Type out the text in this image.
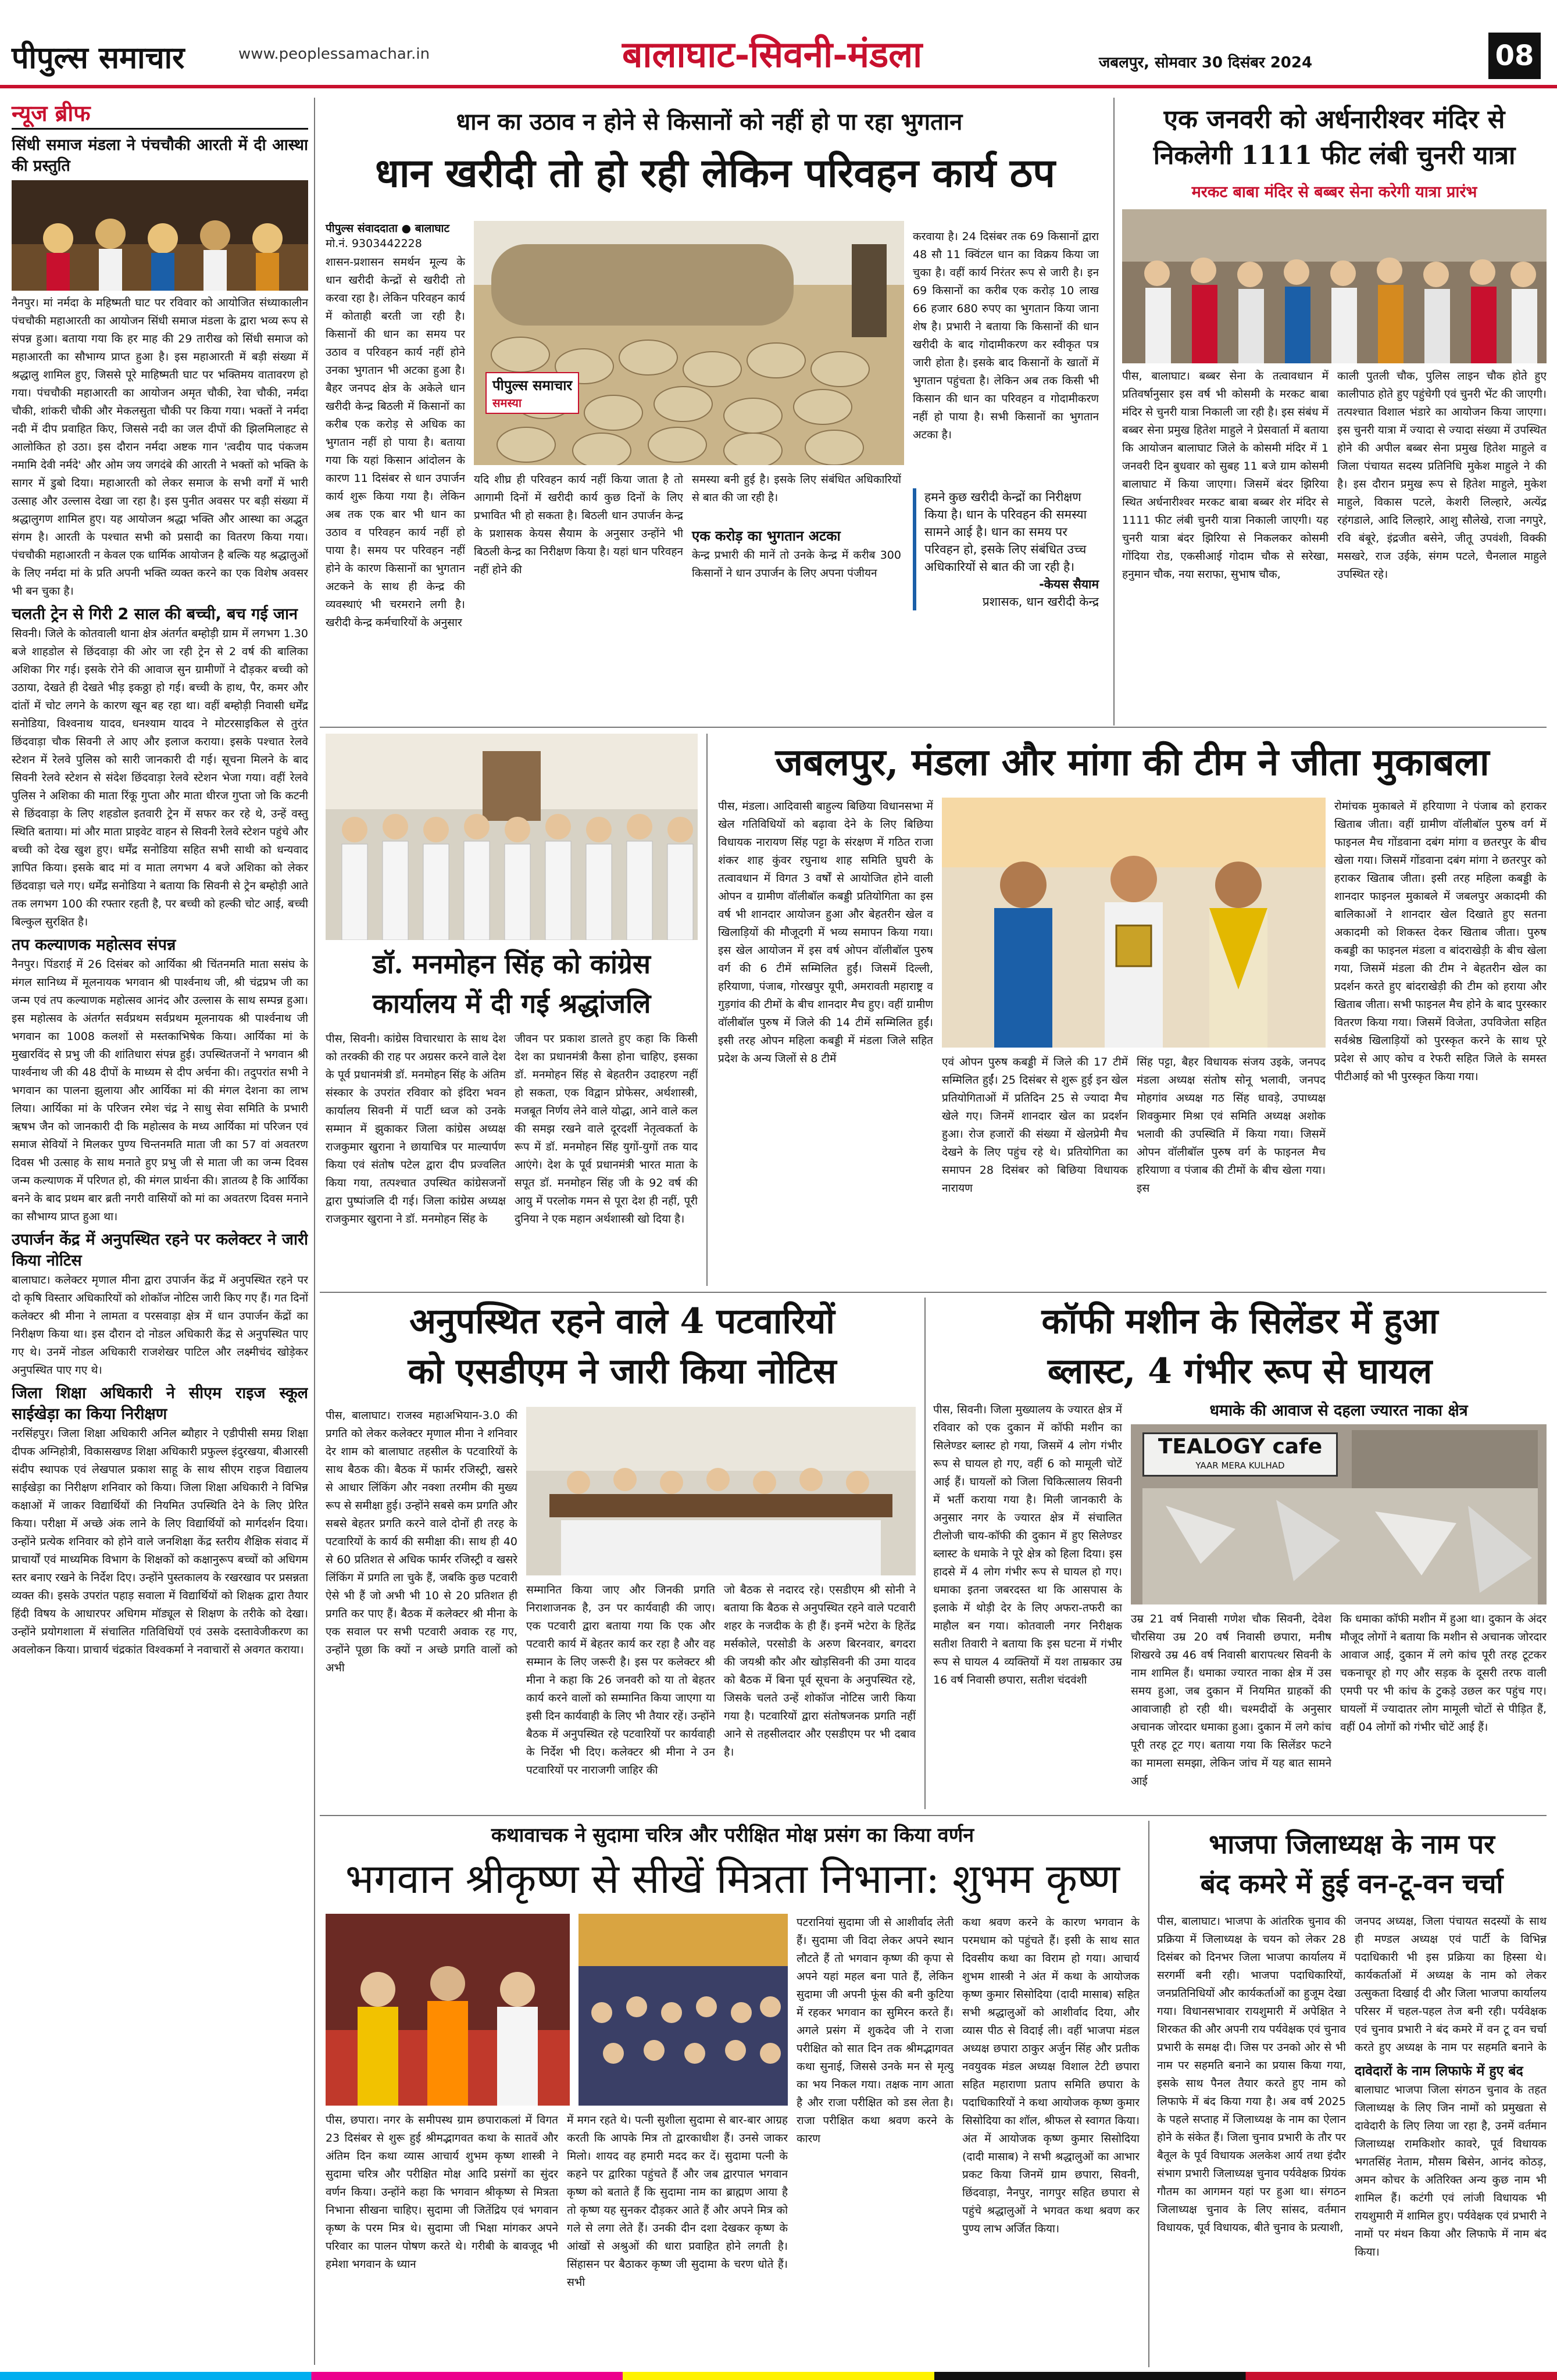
पीपुल्स समाचार	www.peoplessamachar.in	बालाघाट-सिवनी-मंडला	जबलपुर, सोमवार 30 दिसंबर 2024	08
न्यूज ब्रीफ
सिंधी समाज मंडला ने पंचचौकी आरती में दी आस्था की प्रस्तुति

नैनपुर। मां नर्मदा के महिष्मती घाट पर रविवार को आयोजित संध्याकालीन पंचचौकी महाआरती का आयोजन सिंधी समाज मंडला के द्वारा भव्य रूप से संपन्न हुआ। बताया गया कि हर माह की 29 तारीख को सिंधी समाज को महाआरती का सौभाग्य प्राप्त हुआ है। इस महाआरती में बड़ी संख्या में श्रद्धालु शामिल हुए, जिससे पूरे माहिष्मती घाट पर भक्तिमय वातावरण हो गया। पंचचौकी महाआरती का आयोजन अमृत चौकी, रेवा चौकी, नर्मदा चौकी, शांकरी चौकी और मेकलसुता चौकी पर किया गया। भक्तों ने नर्मदा नदी में दीप प्रवाहित किए, जिससे नदी का जल दीपों की झिलमिलाहट से आलोकित हो उठा। इस दौरान नर्मदा अष्टक गान 'त्वदीय पाद पंकजम नमामि देवी नर्मदे' और ओम जय जगदंबे की आरती ने भक्तों को भक्ति के सागर में डुबो दिया। महाआरती को लेकर समाज के सभी वर्गों में भारी उत्साह और उल्लास देखा जा रहा है। इस पुनीत अवसर पर बड़ी संख्या में श्रद्धालुगण शामिल हुए। यह आयोजन श्रद्धा भक्ति और आस्था का अद्भुत संगम है। आरती के पश्चात सभी को प्रसादी का वितरण किया गया। पंचचौकी महाआरती न केवल एक धार्मिक आयोजन है बल्कि यह श्रद्धालुओं के लिए नर्मदा मां के प्रति अपनी भक्ति व्यक्त करने का एक विशेष अवसर भी बन चुका है।

चलती ट्रेन से गिरी 2 साल की बच्ची, बच गई जान

सिवनी। जिले के कोतवाली थाना क्षेत्र अंतर्गत बम्होड़ी ग्राम में लगभग 1.30 बजे शाहडोल से छिंदवाड़ा की ओर जा रही ट्रेन से 2 वर्ष की बालिका अशिका गिर गई। इसके रोने की आवाज सुन ग्रामीणों ने दौड़कर बच्ची को उठाया, देखते ही देखते भीड़ इकठ्ठा हो गई। बच्ची के हाथ, पैर, कमर और दांतों में चोट लगने के कारण खून बह रहा था। वहीं बम्होड़ी निवासी धर्मेंद्र सनोडिया, विश्वनाथ यादव, धनश्याम यादव ने मोटरसाइकिल से तुरंत छिंदवाड़ा चौक सिवनी ले आए और इलाज कराया। इसके पश्चात रेलवे स्टेशन में रेलवे पुलिस को सारी जानकारी दी गई। सूचना मिलने के बाद सिवनी रेलवे स्टेशन से संदेश छिंदवाड़ा रेलवे स्टेशन भेजा गया। वहीं रेलवे पुलिस ने अशिका की माता रिंकू गुप्ता और माता धीरज गुप्ता जो कि कटनी से छिंदवाड़ा के लिए शहडोल इतवारी ट्रेन में सफर कर रहे थे, उन्हें वस्तु स्थिति बताया। मां और माता प्राइवेट वाहन से सिवनी रेलवे स्टेशन पहुंचे और बच्ची को देख खुश हुए। धर्मेंद्र सनोडिया सहित सभी साथी को धन्यवाद ज्ञापित किया। इसके बाद मां व माता लगभग 4 बजे अशिका को लेकर छिंदवाड़ा चले गए। धर्मेंद्र सनोडिया ने बताया कि सिवनी से ट्रेन बम्होड़ी आते तक लगभग 100 की रफ्तार रहती है, पर बच्ची को हल्की चोट आई, बच्ची बिल्कुल सुरक्षित है।

तप कल्याणक महोत्सव संपन्न

नैनपुर। पिंडराई में 26 दिसंबर को आर्यिका श्री चिंतनमति माता ससंघ के मंगल सानिध्य में मूलनायक भगवान श्री पार्श्वनाथ जी, श्री चंद्रप्रभ जी का जन्म एवं तप कल्याणक महोत्सव आनंद और उल्लास के साथ सम्पन्न हुआ। इस महोत्सव के अंतर्गत सर्वप्रथम सर्वप्रथम मूलनायक श्री पार्श्वनाथ जी भगवान का 1008 कलशों से मस्तकाभिषेक किया। आर्यिका मां के मुखारविंद से प्रभु जी की शांतिधारा संपन्न हुई। उपस्थितजनों ने भगवान श्री पार्श्वनाथ जी की 48 दीपों के माध्यम से दीप अर्चना की। तदुपरांत सभी ने भगवान का पालना झुलाया और आर्यिका मां की मंगल देशना का लाभ लिया। आर्यिका मां के परिजन रमेश चंद्र ने साधु सेवा समिति के प्रभारी ऋषभ जैन को जानकारी दी कि महोत्सव के मध्य आर्यिका मां परिजन एवं समाज सेवियों ने मिलकर पुण्य चिन्तनमति माता जी का 57 वां अवतरण दिवस भी उत्साह के साथ मनाते हुए प्रभु जी से माता जी का जन्म दिवस जन्म कल्याणक में परिणत हो, की मंगल प्रार्थना की। ज्ञातव्य है कि आर्यिका बनने के बाद प्रथम बार ब्रती नगरी वासियों को मां का अवतरण दिवस मनाने का सौभाग्य प्राप्त हुआ था।

उपार्जन केंद्र में अनुपस्थित रहने पर कलेक्टर ने जारी किया नोटिस

बालाघाट। कलेक्टर मृणाल मीना द्वारा उपार्जन केंद्र में अनुपस्थित रहने पर दो कृषि विस्तार अधिकारियों को शोकॉज नोटिस जारी किए गए हैं। गत दिनों कलेक्टर श्री मीना ने लामता व परसवाड़ा क्षेत्र में धान उपार्जन केंद्रों का निरीक्षण किया था। इस दौरान दो नोडल अधिकारी केंद्र से अनुपस्थित पाए गए थे। उनमें नोडल अधिकारी राजशेखर पाटिल और लक्ष्मीचंद खोड़ेकर अनुपस्थित पाए गए थे।

जिला शिक्षा अधिकारी ने सीएम राइज स्कूल साईखेड़ा का किया निरीक्षण

नरसिंहपुर। जिला शिक्षा अधिकारी अनिल ब्यौहार ने एडीपीसी समग्र शिक्षा दीपक अग्निहोत्री, विकासखण्ड शिक्षा अधिकारी प्रफुल्ल इंदुरखया, बीआरसी संदीप स्थापक एवं लेखपाल प्रकाश साहू के साथ सीएम राइज विद्यालय साईखेड़ा का निरीक्षण शनिवार को किया। जिला शिक्षा अधिकारी ने विभिन्न कक्षाओं में जाकर विद्यार्थियों की नियमित उपस्थिति देने के लिए प्रेरित किया। परीक्षा में अच्छे अंक लाने के लिए विद्यार्थियों को मार्गदर्शन दिया। उन्होंने प्रत्येक शनिवार को होने वाले जनशिक्षा केंद्र स्तरीय शैक्षिक संवाद में प्राचार्यों एवं माध्यमिक विभाग के शिक्षकों को कक्षानुरूप बच्चों को अधिगम स्तर बनाए रखने के निर्देश दिए। उन्होंने पुस्तकालय के रखरखाव पर प्रसन्नता व्यक्त की। इसके उपरांत पहाड़ सवाला में विद्यार्थियों को शिक्षक द्वारा तैयार हिंदी विषय के आधारपर अधिगम मॉड्यूल से शिक्षण के तरीके को देखा। उन्होंने प्रयोगशाला में संचालित गतिविधियों एवं उसके दस्तावेजीकरण का अवलोकन किया। प्राचार्य चंद्रकांत विश्वकर्मा ने नवाचारों से अवगत कराया।

धान का उठाव न होने से किसानों को नहीं हो पा रहा भुगतान
धान खरीदी तो हो रही लेकिन परिवहन कार्य ठप
पीपुल्स संवाददाता ● बालाघाट
मो.नं. 9303442228
पीपुल्स समाचार
समस्या
शासन-प्रशासन समर्थन मूल्य के धान खरीदी केन्द्रों से खरीदी तो करवा रहा है। लेकिन परिवहन कार्य में कोताही बरती जा रही है। किसानों की धान का समय पर उठाव व परिवहन कार्य नहीं होने उनका भुगतान भी अटका हुआ है। बैहर जनपद क्षेत्र के अकेले धान खरीदी केन्द्र बिठली में किसानों का करीब एक करोड़ से अधिक का भुगतान नहीं हो पाया है। बताया गया कि यहां किसान आंदोलन के कारण 11 दिसंबर से धान उपार्जन कार्य शुरू किया गया है। लेकिन अब तक एक बार भी धान का उठाव व परिवहन कार्य नहीं हो पाया है। समय पर परिवहन नहीं होने के कारण किसानों का भुगतान अटकने के साथ ही केन्द्र की व्यवस्थाएं भी चरमराने लगी है। खरीदी केन्द्र कर्मचारियों के अनुसार
यदि शीघ्र ही परिवहन कार्य नहीं किया जाता है तो आगामी दिनों में खरीदी कार्य कुछ दिनों के लिए प्रभावित भी हो सकता है। बिठली धान उपार्जन केन्द्र के प्रशासक केयस सैयाम के अनुसार उन्होंने भी बिठली केन्द्र का निरीक्षण किया है। यहां धान परिवहन नहीं होने की
समस्या बनी हुई है। इसके लिए संबंधित अधिकारियों से बात की जा रही है।
एक करोड़ का भुगतान अटका
केन्द्र प्रभारी की मानें तो उनके केन्द्र में करीब 300 किसानों ने धान उपार्जन के लिए अपना पंजीयन
करवाया है। 24 दिसंबर तक 69 किसानों द्वारा 48 सौ 11 क्विंटल धान का विक्रय किया जा चुका है। वहीं कार्य निरंतर रूप से जारी है। इन 69 किसानों का करीब एक करोड़ 10 लाख 66 हजार 680 रुपए का भुगतान किया जाना शेष है। प्रभारी ने बताया कि किसानों की धान खरीदी के बाद गोदामीकरण कर स्वीकृत पत्र जारी होता है। इसके बाद किसानों के खातों में भुगतान पहुंचता है। लेकिन अब तक किसी भी किसान की धान का परिवहन व गोदामीकरण नहीं हो पाया है। सभी किसानों का भुगतान अटका है।
हमने कुछ खरीदी केन्द्रों का निरीक्षण किया है। धान के परिवहन की समस्या सामने आई है। धान का समय पर परिवहन हो, इसके लिए संबंधित उच्च अधिकारियों से बात की जा रही है।
-केयस सैयाम
प्रशासक, धान खरीदी केन्द्र
एक जनवरी को अर्धनारीश्वर मंदिर से
निकलेगी 1111 फीट लंबी चुनरी यात्रा
मरकट बाबा मंदिर से बब्बर सेना करेगी यात्रा प्रारंभ
पीस, बालाघाट। बब्बर सेना के तत्वावधान में प्रतिवर्षानुसार इस वर्ष भी कोसमी के मरकट बाबा मंदिर से चुनरी यात्रा निकाली जा रही है। इस संबंध में बब्बर सेना प्रमुख हितेश माहुले ने प्रेसवार्ता में बताया कि आयोजन बालाघाट जिले के कोसमी मंदिर में 1 जनवरी दिन बुधवार को सुबह 11 बजे ग्राम कोसमी बालाघाट में किया जाएगा। जिसमें बंदर झिरिया स्थित अर्धनारीश्वर मरकट बाबा बब्बर शेर मंदिर से 1111 फीट लंबी चुनरी यात्रा निकाली जाएगी। यह चुनरी यात्रा बंदर झिरिया से निकलकर कोसमी गोंदिया रोड, एकसीआई गोदाम चौक से सरेखा, हनुमान चौक, नया सराफा, सुभाष चौक,
काली पुतली चौक, पुलिस लाइन चौक होते हुए कालीपाठ होते हुए पहुंचेगी एवं चुनरी भेंट की जाएगी। तत्पश्चात विशाल भंडारे का आयोजन किया जाएगा। इस चुनरी यात्रा में ज्यादा से ज्यादा संख्या में उपस्थित होने की अपील बब्बर सेना प्रमुख हितेश माहुले व जिला पंचायत सदस्य प्रतिनिधि मुकेश माहुले ने की है। इस दौरान प्रमुख रूप से हितेश माहुले, मुकेश माहुले, विकास पटले, केशरी लिल्हारे, अत्येंद्र रहंगडाले, आदि लिल्हारे, आशु सौलेखे, राजा नगपुरे, रवि बंबूरे, इंद्रजीत बसेने, जीतू उपवंशी, विक्की मसखरे, राज उईके, संगम पटले, चैनलाल माहुले उपस्थित रहे।
डॉ. मनमोहन सिंह को कांग्रेस
कार्यालय में दी गई श्रद्धांजलि
पीस, सिवनी। कांग्रेस विचारधारा के साथ देश को तरक्की की राह पर अग्रसर करने वाले देश के पूर्व प्रधानमंत्री डॉ. मनमोहन सिंह के अंतिम संस्कार के उपरांत रविवार को इंदिरा भवन कार्यालय सिवनी में पार्टी ध्वज को उनके सम्मान में झुकाकर जिला कांग्रेस अध्यक्ष राजकुमार खुराना ने छायाचित्र पर माल्यार्पण किया एवं संतोष पटेल द्वारा दीप प्रज्वलित किया गया, तत्पश्चात उपस्थित कांग्रेसजनों द्वारा पुष्पांजलि दी गई। जिला कांग्रेस अध्यक्ष राजकुमार खुराना ने डॉ. मनमोहन सिंह के
जीवन पर प्रकाश डालते हुए कहा कि किसी देश का प्रधानमंत्री कैसा होना चाहिए, इसका डॉ. मनमोहन सिंह से बेहतरीन उदाहरण नहीं हो सकता, एक विद्वान प्रोफेसर, अर्थशास्त्री, मजबूत निर्णय लेने वाले योद्धा, आने वाले कल की समझ रखने वाले दूरदर्शी नेतृत्वकर्ता के रूप में डॉ. मनमोहन सिंह युगों-युगों तक याद आएंगे। देश के पूर्व प्रधानमंत्री भारत माता के सपूत डॉ. मनमोहन सिंह जी के 92 वर्ष की आयु में परलोक गमन से पूरा देश ही नहीं, पूरी दुनिया ने एक महान अर्थशास्त्री खो दिया है।
जबलपुर, मंडला और मांगा की टीम ने जीता मुकाबला
पीस, मंडला। आदिवासी बाहुल्य बिछिया विधानसभा में खेल गतिविधियों को बढ़ावा देने के लिए बिछिया विधायक नारायण सिंह पट्टा के संरक्षण में गठित राजा शंकर शाह कुंवर रघुनाथ शाह समिति घुघरी के तत्वावधान में विगत 3 वर्षों से आयोजित होने वाली ओपन व ग्रामीण वॉलीबॉल कबड्डी प्रतियोगिता का इस वर्ष भी शानदार आयोजन हुआ और बेहतरीन खेल व खिलाड़ियों की मौजूदगी में भव्य समापन किया गया। इस खेल आयोजन में इस वर्ष ओपन वॉलीबॉल पुरुष वर्ग की 6 टीमें सम्मिलित हुईं। जिसमें दिल्ली, हरियाणा, पंजाब, गोरखपुर यूपी, अमरावती महाराष्ट्र व गुड़गांव की टीमों के बीच शानदार मैच हुए। वहीं ग्रामीण वॉलीबॉल पुरुष में जिले की 14 टीमें सम्मिलित हुईं। इसी तरह ओपन महिला कबड्डी में मंडला जिले सहित प्रदेश के अन्य जिलों से 8 टीमें	एवं ओपन पुरुष कबड्डी में जिले की 17 टीमें सम्मिलित हुईं। 25 दिसंबर से शुरू हुई इन खेल प्रतियोगिताओं में प्रतिदिन 25 से ज्यादा मैच खेले गए। जिनमें शानदार खेल का प्रदर्शन हुआ। रोज हजारों की संख्या में खेलप्रेमी मैच देखने के लिए पहुंच रहे थे। प्रतियोगिता का समापन 28 दिसंबर को बिछिया विधायक नारायण
सिंह पट्टा, बैहर विधायक संजय उइके, जनपद मंडला अध्यक्ष संतोष सोनू भलावी, जनपद मोहगांव अध्यक्ष गठ सिंह धावड़े, उपाध्यक्ष शिवकुमार मिश्रा एवं समिति अध्यक्ष अशोक भलावी की उपस्थिति में किया गया। जिसमें ओपन वॉलीबॉल पुरुष वर्ग के फाइनल मैच हरियाणा व पंजाब की टीमों के बीच खेला गया। इस
रोमांचक मुकाबले में हरियाणा ने पंजाब को हराकर खिताब जीता। वहीं ग्रामीण वॉलीबॉल पुरुष वर्ग में फाइनल मैच गोंडवाना दबंग मांगा व छतरपुर के बीच खेला गया। जिसमें गोंडवाना दबंग मांगा ने छतरपुर को हराकर खिताब जीता। इसी तरह महिला कबड्डी के शानदार फाइनल मुकाबले में जबलपुर अकादमी की बालिकाओं ने शानदार खेल दिखाते हुए सतना अकादमी को शिकस्त देकर खिताब जीता। पुरुष कबड्डी का फाइनल मंडला व बांदराखेड़ी के बीच खेला गया, जिसमें मंडला की टीम ने बेहतरीन खेल का प्रदर्शन करते हुए बांदराखेड़ी की टीम को हराया और खिताब जीता। सभी फाइनल मैच होने के बाद पुरस्कार वितरण किया गया। जिसमें विजेता, उपविजेता सहित सर्वश्रेष्ठ खिलाड़ियों को पुरस्कृत करने के साथ पूरे प्रदेश से आए कोच व रेफरी सहित जिले के समस्त पीटीआई को भी पुरस्कृत किया गया।
अनुपस्थित रहने वाले 4 पटवारियों
को एसडीएम ने जारी किया नोटिस
पीस, बालाघाट। राजस्व महाअभियान-3.0 की प्रगति को लेकर कलेक्टर मृणाल मीना ने शनिवार देर शाम को बालाघाट तहसील के पटवारियों के साथ बैठक की। बैठक में फार्मर रजिस्ट्री, खसरे से आधार लिंकिंग और नक्शा तरमीम की मुख्य रूप से समीक्षा हुई। उन्होंने सबसे कम प्रगति और सबसे बेहतर प्रगति करने वाले दोनों ही तरह के पटवारियों के कार्य की समीक्षा की। साथ ही 40 से 60 प्रतिशत से अधिक फार्मर रजिस्ट्री व खसरे लिंकिंग में प्रगति ला चुके हैं, जबकि कुछ पटवारी ऐसे भी हैं जो अभी भी 10 से 20 प्रतिशत ही प्रगति कर पाए हैं। बैठक में कलेक्टर श्री मीना के एक सवाल पर सभी पटवारी अवाक रह गए, उन्होंने पूछा कि क्यों न अच्छे प्रगति वालों को अभी
सम्मानित किया जाए और जिनकी प्रगति निराशाजनक है, उन पर कार्यवाही की जाए। एक पटवारी द्वारा बताया गया कि एक और पटवारी कार्य में बेहतर कार्य कर रहा है और वह सम्मान के लिए जरूरी है। इस पर कलेक्टर श्री मीना ने कहा कि 26 जनवरी को या तो बेहतर कार्य करने वालों को सम्मानित किया जाएगा या इसी दिन कार्यवाही के लिए भी तैयार रहें। उन्होंने बैठक में अनुपस्थित रहे पटवारियों पर कार्यवाही के निर्देश भी दिए। कलेक्टर श्री मीना ने उन पटवारियों पर नाराजगी जाहिर की
जो बैठक से नदारद रहे। एसडीएम श्री सोनी ने बताया कि बैठक से अनुपस्थित रहने वाले पटवारी शहर के नजदीक के ही हैं। इनमें भटेरा के हितेंद्र मर्सकोले, परसोडी के अरुण बिरनवार, बगदरा की जयश्री कौर और खोड़सिवनी की उमा यादव को बैठक में बिना पूर्व सूचना के अनुपस्थित रहे, जिसके चलते उन्हें शोकॉज नोटिस जारी किया गया है। पटवारियों द्वारा संतोषजनक प्रगति नहीं आने से तहसीलदार और एसडीएम पर भी दबाव है।
कॉफी मशीन के सिलेंडर में हुआ
ब्लास्ट, 4 गंभीर रूप से घायल
धमाके की आवाज से दहला ज्यारत नाका क्षेत्र
पीस, सिवनी। जिला मुख्यालय के ज्यारत क्षेत्र में रविवार को एक दुकान में कॉफी मशीन का सिलेण्डर ब्लास्ट हो गया, जिसमें 4 लोग गंभीर रूप से घायल हो गए, वहीं 6 को मामूली चोटें आई हैं। घायलों को जिला चिकित्सालय सिवनी में भर्ती कराया गया है। मिली जानकारी के अनुसार नगर के ज्यारत क्षेत्र में संचालित टीलोजी चाय-कॉफी की दुकान में हुए सिलेण्डर ब्लास्ट के धमाके ने पूरे क्षेत्र को हिला दिया। इस हादसे में 4 लोग गंभीर रूप से घायल हो गए। धमाका इतना जबरदस्त था कि आसपास के इलाके में थोड़ी देर के लिए अफरा-तफरी का माहौल बन गया। कोतवाली नगर निरीक्षक सतीश तिवारी ने बताया कि इस घटना में गंभीर रूप से घायल 4 व्यक्तियों में यश ताम्रकार उम्र 16 वर्ष निवासी छपारा, सतीश चंदवंशी
TEALOGY cafe
YAAR MERA KULHAD
उम्र 21 वर्ष निवासी गणेश चौक सिवनी, देवेश चौरसिया उम्र 20 वर्ष निवासी छपारा, मनीष शिखरवे उम्र 46 वर्ष निवासी बारापत्थर सिवनी के नाम शामिल हैं। धमाका ज्यारत नाका क्षेत्र में उस समय हुआ, जब दुकान में नियमित ग्राहकों की आवाजाही हो रही थी। चश्मदीदों के अनुसार अचानक जोरदार धमाका हुआ। दुकान में लगे कांच पूरी तरह टूट गए। बताया गया कि सिलेंडर फटने का मामला समझा, लेकिन जांच में यह बात सामने आई
कि धमाका कॉफी मशीन में हुआ था। दुकान के अंदर मौजूद लोगों ने बताया कि मशीन से अचानक जोरदार आवाज आई, दुकान में लगे कांच पूरी तरह टूटकर चकनाचूर हो गए और सड़क के दूसरी तरफ वाली एमपी पर भी कांच के टुकड़े उछल कर पहुंच गए। घायलों में ज्यादातर लोग मामूली चोटों से पीड़ित हैं, वहीं 04 लोगों को गंभीर चोटें आई हैं।
कथावाचक ने सुदामा चरित्र और परीक्षित मोक्ष प्रसंग का किया वर्णन
भगवान श्रीकृष्ण से सीखें मित्रता निभाना: शुभम कृष्ण
पीस, छपारा। नगर के समीपस्थ ग्राम छपाराकलां में विगत 23 दिसंबर से शुरू हुई श्रीमद्भागवत कथा के सातवें और अंतिम दिन कथा व्यास आचार्य शुभम कृष्ण शास्त्री ने सुदामा चरित्र और परीक्षित मोक्ष आदि प्रसंगों का सुंदर वर्णन किया। उन्होंने कहा कि भगवान श्रीकृष्ण से मित्रता निभाना सीखना चाहिए। सुदामा जी जितेंद्रिय एवं भगवान कृष्ण के परम मित्र थे। सुदामा जी भिक्षा मांगकर अपने परिवार का पालन पोषण करते थे। गरीबी के बावजूद भी हमेशा भगवान के ध्यान
में मगन रहते थे। पत्नी सुशीला सुदामा से बार-बार आग्रह करती कि आपके मित्र तो द्वारकाधीश हैं। उनसे जाकर मिलो। शायद वह हमारी मदद कर दें। सुदामा पत्नी के कहने पर द्वारिका पहुंचते हैं और जब द्वारपाल भगवान कृष्ण को बताते हैं कि सुदामा नाम का ब्राह्मण आया है तो कृष्ण यह सुनकर दौड़कर आते हैं और अपने मित्र को गले से लगा लेते हैं। उनकी दीन दशा देखकर कृष्ण के आंखों से अश्रुओं की धारा प्रवाहित होने लगती है। सिंहासन पर बैठाकर कृष्ण जी सुदामा के चरण धोते हैं। सभी
पटरानियां सुदामा जी से आशीर्वाद लेती हैं। सुदामा जी विदा लेकर अपने स्थान लौटते हैं तो भगवान कृष्ण की कृपा से अपने यहां महल बना पाते हैं, लेकिन सुदामा जी अपनी फूंस की बनी कुटिया में रहकर भगवान का सुमिरन करते हैं। अगले प्रसंग में शुकदेव जी ने राजा परीक्षित को सात दिन तक श्रीमद्भागवत कथा सुनाई, जिससे उनके मन से मृत्यु का भय निकल गया। तक्षक नाग आता है और राजा परीक्षित को डस लेता है। राजा परीक्षित कथा श्रवण करने के कारण
कथा श्रवण करने के कारण भगवान के परमधाम को पहुंचते हैं। इसी के साथ सात दिवसीय कथा का विराम हो गया। आचार्य शुभम शास्त्री ने अंत में कथा के आयोजक कृष्ण कुमार सिसोदिया (दादी मासाब) सहित सभी श्रद्धालुओं को आशीर्वाद दिया, और व्यास पीठ से विदाई ली। वहीं भाजपा मंडल अध्यक्ष छपारा ठाकुर अर्जुन सिंह और प्रतीक नवयुवक मंडल अध्यक्ष विशाल टेटी छपारा सहित महाराणा प्रताप समिति छपारा के पदाधिकारियों ने कथा आयोजक कृष्ण कुमार सिसोदिया का शॉल, श्रीफल से स्वागत किया। अंत में आयोजक कृष्ण कुमार सिसोदिया (दादी मासाब) ने सभी श्रद्धालुओं का आभार प्रकट किया जिनमें ग्राम छपारा, सिवनी, छिंदवाड़ा, नैनपुर, नागपुर सहित छपारा से पहुंचे श्रद्धालुओं ने भगवत कथा श्रवण कर पुण्य लाभ अर्जित किया।
भाजपा जिलाध्यक्ष के नाम पर
बंद कमरे में हुई वन-टू-वन चर्चा
पीस, बालाघाट। भाजपा के आंतरिक चुनाव की प्रक्रिया में जिलाध्यक्ष के चयन को लेकर 28 दिसंबर को दिनभर जिला भाजपा कार्यालय में सरगर्मी बनी रही। भाजपा पदाधिकारियों, जनप्रतिनिधियों और कार्यकर्ताओं का हुजूम देखा गया। विधानसभावार रायशुमारी में अपेक्षित ने शिरकत की और अपनी राय पर्यवेक्षक एवं चुनाव प्रभारी के समक्ष दी। जिस पर उनको ओर से भी नाम पर सहमति बनाने का प्रयास किया गया, इसके साथ पैनल तैयार करते हुए नाम को लिफाफे में बंद किया गया है। अब वर्ष 2025 के पहले सप्ताह में जिलाध्यक्ष के नाम का ऐलान होने के संकेत हैं। जिला चुनाव प्रभारी के तौर पर बैतूल के पूर्व विधायक अलकेश आर्य तथा इंदौर संभाग प्रभारी जिलाध्यक्ष चुनाव पर्यवेक्षक प्रियंक गौतम का आगमन यहां पर हुआ था। संगठन जिलाध्यक्ष चुनाव के लिए सांसद, वर्तमान विधायक, पूर्व विधायक, बीते चुनाव के प्रत्याशी,
जनपद अध्यक्ष, जिला पंचायत सदस्यों के साथ ही मण्डल अध्यक्ष एवं पार्टी के विभिन्न पदाधिकारी भी इस प्रक्रिया का हिस्सा थे। कार्यकर्ताओं में अध्यक्ष के नाम को लेकर उत्सुकता दिखाई दी और जिला भाजपा कार्यालय परिसर में चहल-पहल तेज बनी रही। पर्यवेक्षक एवं चुनाव प्रभारी ने बंद कमरे में वन टू वन चर्चा करते हुए अध्यक्ष के नाम पर सहमति बनाने के
दावेदारों के नाम लिफाफे में हुए बंद
बालाघाट भाजपा जिला संगठन चुनाव के तहत जिलाध्यक्ष के लिए जिन नामों को प्रमुखता से दावेदारी के लिए लिया जा रहा है, उनमें वर्तमान जिलाध्यक्ष रामकिशोर कावरे, पूर्व विधायक भगतसिंह नेताम, मौसम बिसेन, आनंद कोठड़, अमन कोचर के अतिरिक्त अन्य कुछ नाम भी शामिल हैं। कटंगी एवं लांजी विधायक भी रायशुमारी में शामिल हुए। पर्यवेक्षक एवं प्रभारी ने नामों पर मंथन किया और लिफाफे में नाम बंद किया।
